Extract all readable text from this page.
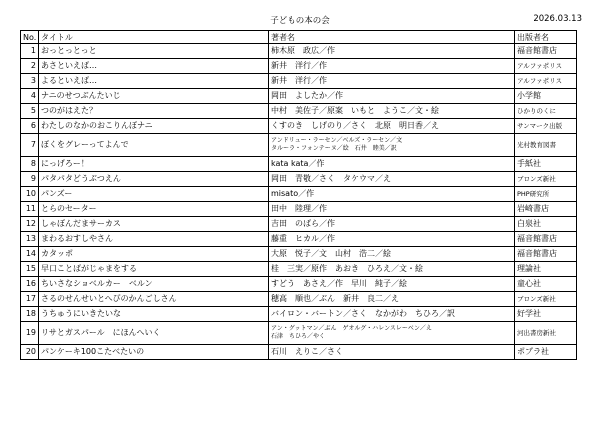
子どもの本の会	2026.03.13
No.	タイトル	著者名	出版者名
1	おっとっとっと	柿木原　政広／作	福音館書店
2	あさといえば…	新井　洋行／作	アルファポリス
3	よるといえば…	新井　洋行／作	アルファポリス
4	ナニのせつぶんたいじ	岡田　よしたか／作	小学館
5	つのがはえた？	中村　美佐子／原案　いもと　ようこ／文・絵	ひかりのくに
6	わたしのなかのおこりんぼナニ	くすのき　しげのり／さく　北原　明日香／え	サンマーク出版
7	ぼくをグレーってよんで	アンドリュー・ラーセン／ベルズ・ラーセン／文
タルーラ・フォンテーヌ／絵　石井　睦美／訳	光村教育図書
8	にっげろー！	kata kata／作	手紙社
9	パタパタどうぶつえん	岡田　青敬／さく　タケウマ／え	ブロンズ新社
10	パンズー	misato／作	PHP研究所
11	とらのセーター	田中　陸理／作	岩崎書店
12	しゃぼんだまサーカス	吉田　のばら／作	白泉社
13	まわるおすしやさん	藤重　ヒカル／作	福音館書店
14	カタッポ	大原　悦子／文　山村　浩二／絵	福音館書店
15	早口ことばがじゃまをする	桂　三実／原作　あおき　ひろえ／文・絵	理論社
16	ちいさなショベルカー　ベルン	すどう　あさえ／作　早川　純子／絵	童心社
17	さるのせんせいとへびのかんごしさん	穂高　順也／ぶん　新井　良二／え	ブロンズ新社
18	うちゅうにいきたいな	バイロン・バートン／さく　なかがわ　ちひろ／訳	好学社
19	リサとガスパール　にほんへいく	アン・グットマン／ぶん　ゲオルグ・ハレンスレーベン／え
石津　ちひろ／やく	河出書房新社
20	パンケーキ100こたべたいの	石川　えりこ／さく	ポプラ社
